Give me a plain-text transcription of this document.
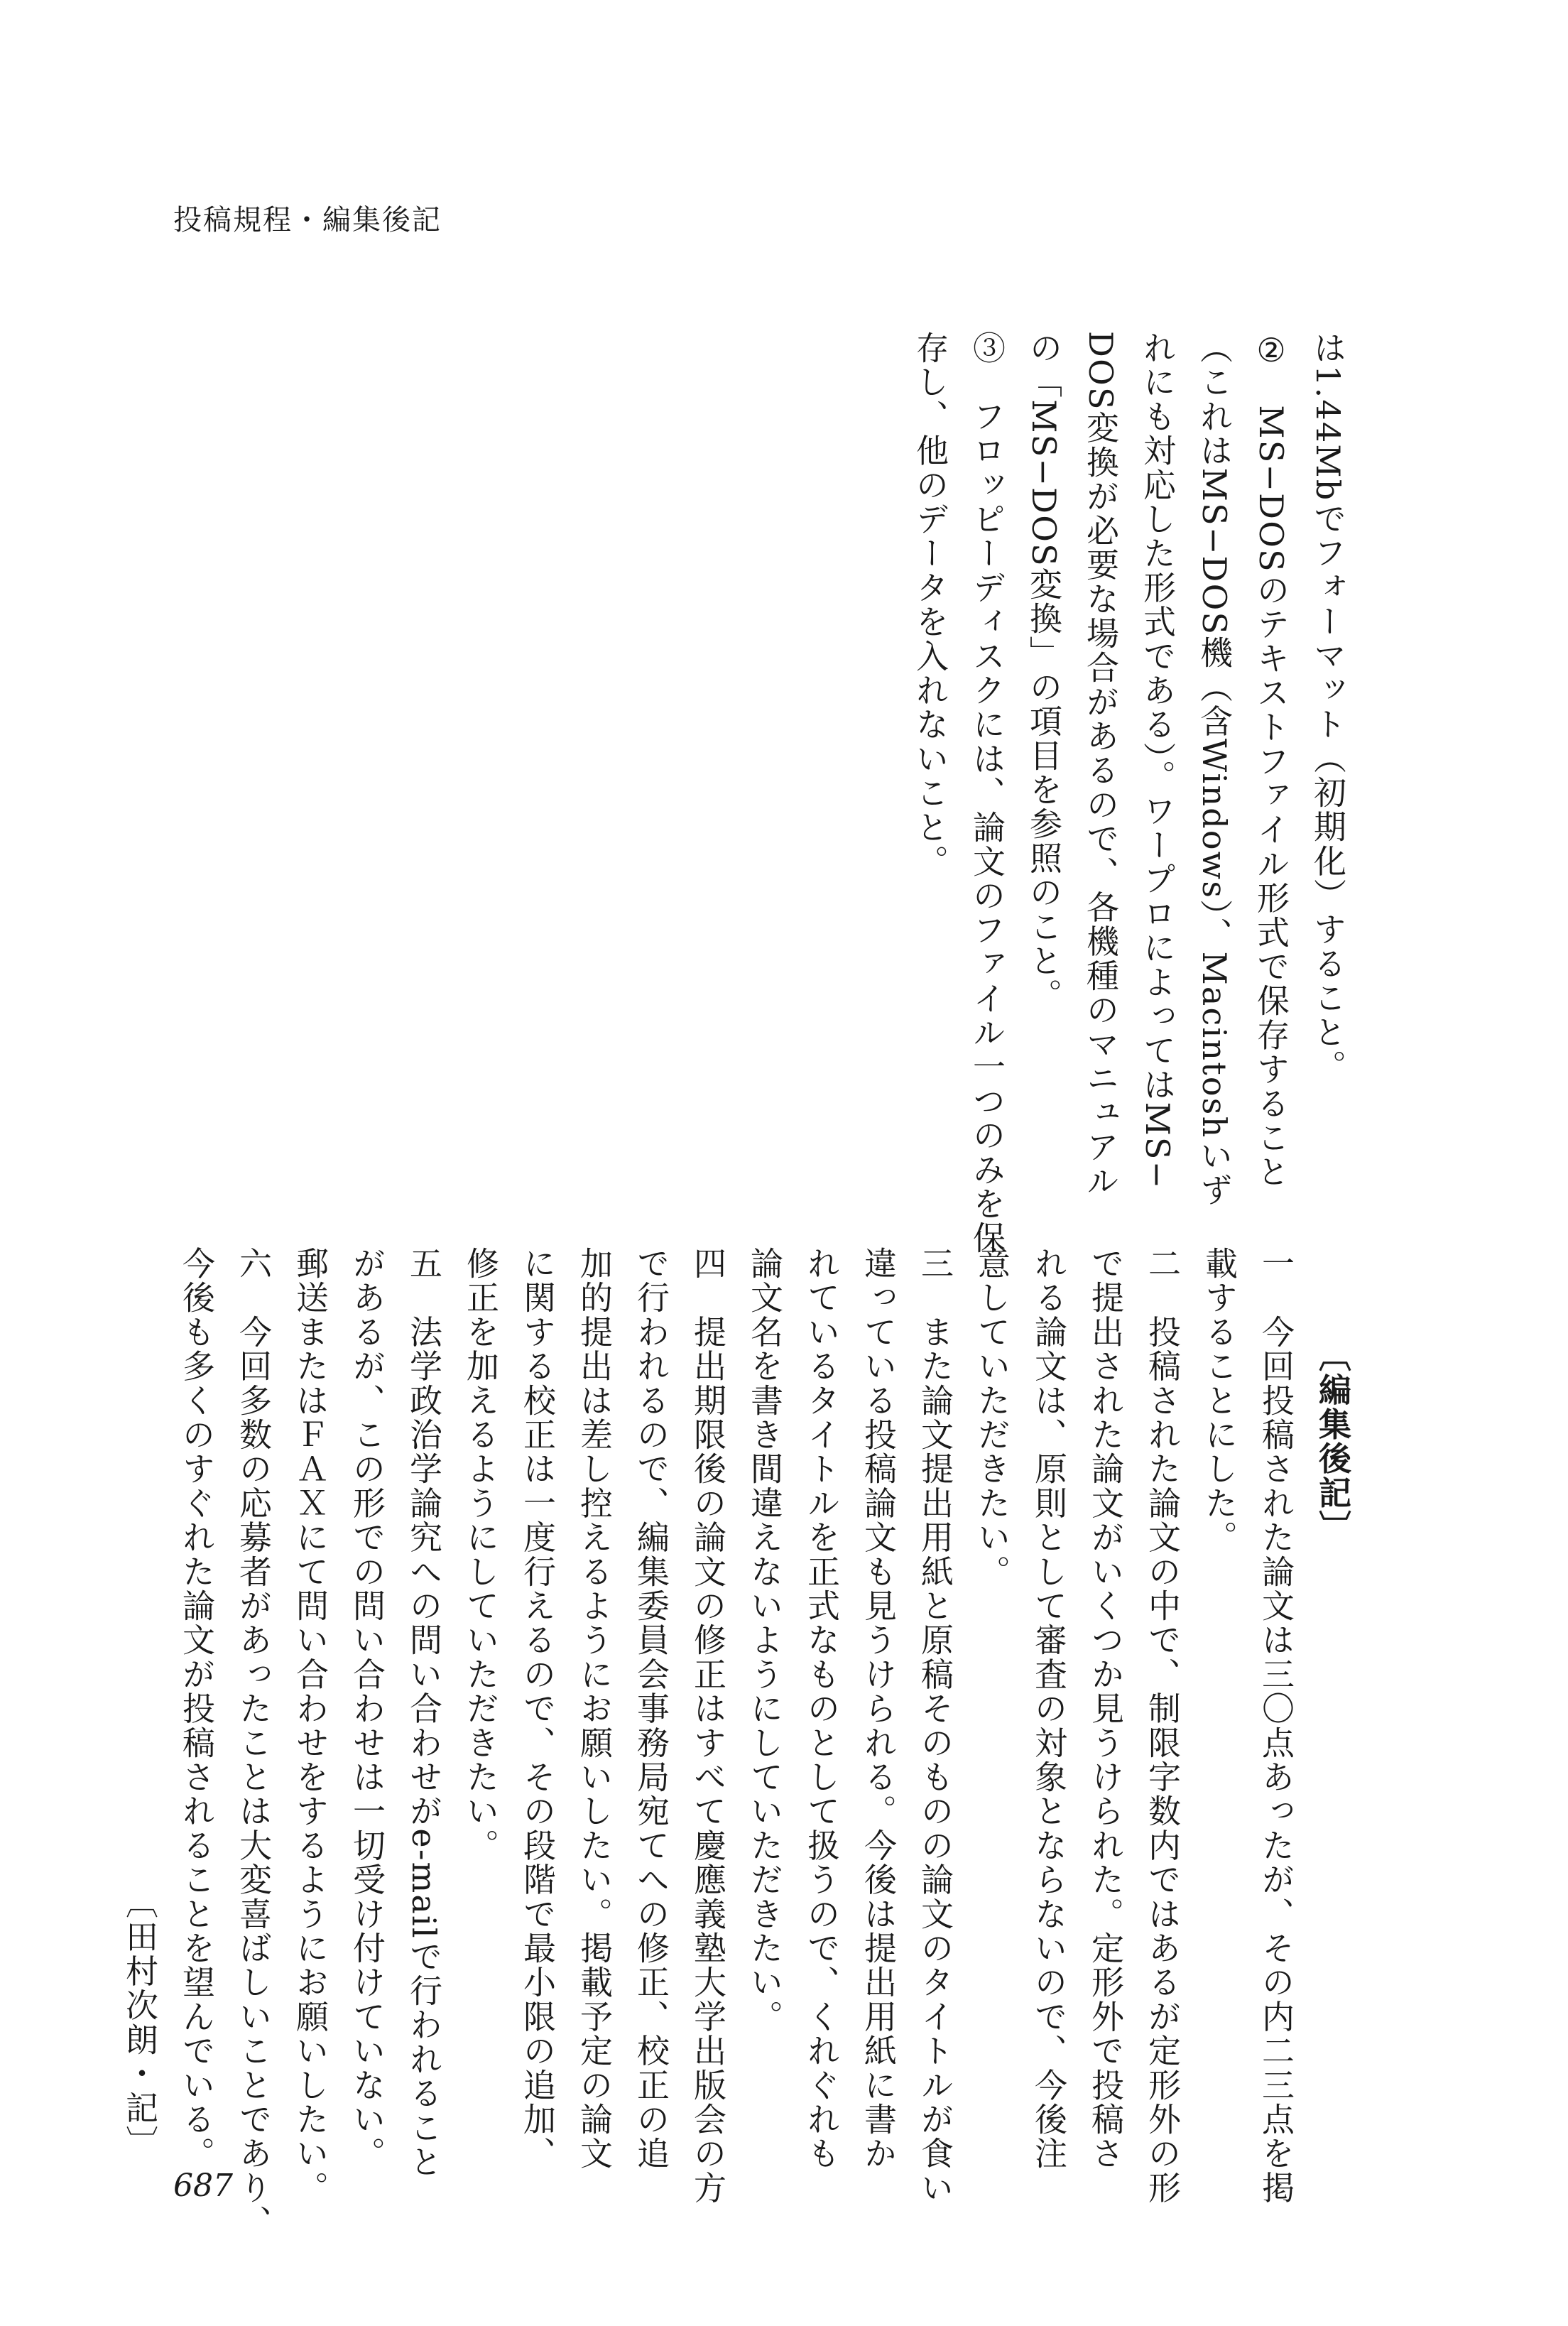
投稿規程・編集後記
は1.44Mbでフォーマット（初期化）すること。
②　MS−DOSのテキストファイル形式で保存すること
（これはMS−DOS機（含Windows）、Macintoshいず
れにも対応した形式である）。ワープロによってはMS−
DOS変換が必要な場合があるので、各機種のマニュアル
の「MS−DOS変換」の項目を参照のこと。
③　フロッピーディスクには、論文のファイル一つのみを保
存し、他のデータを入れないこと。
〔編集後記〕
一　今回投稿された論文は三〇点あったが、その内二三点を掲
載することにした。
二　投稿された論文の中で、制限字数内ではあるが定形外の形
で提出された論文がいくつか見うけられた。定形外で投稿さ
れる論文は、原則として審査の対象とならないので、今後注
意していただきたい。
三　また論文提出用紙と原稿そのものの論文のタイトルが食い
違っている投稿論文も見うけられる。今後は提出用紙に書か
れているタイトルを正式なものとして扱うので、くれぐれも
論文名を書き間違えないようにしていただきたい。
四　提出期限後の論文の修正はすべて慶應義塾大学出版会の方
で行われるので、編集委員会事務局宛てへの修正、校正の追
加的提出は差し控えるようにお願いしたい。掲載予定の論文
に関する校正は一度行えるので、その段階で最小限の追加、
修正を加えるようにしていただきたい。
五　法学政治学論究への問い合わせがe-mailで行われること
があるが、この形での問い合わせは一切受け付けていない。
郵送またはＦＡＸにて問い合わせをするようにお願いしたい。
六　今回多数の応募者があったことは大変喜ばしいことであり、
今後も多くのすぐれた論文が投稿されることを望んでいる。
〔田村次朗・記〕
687
